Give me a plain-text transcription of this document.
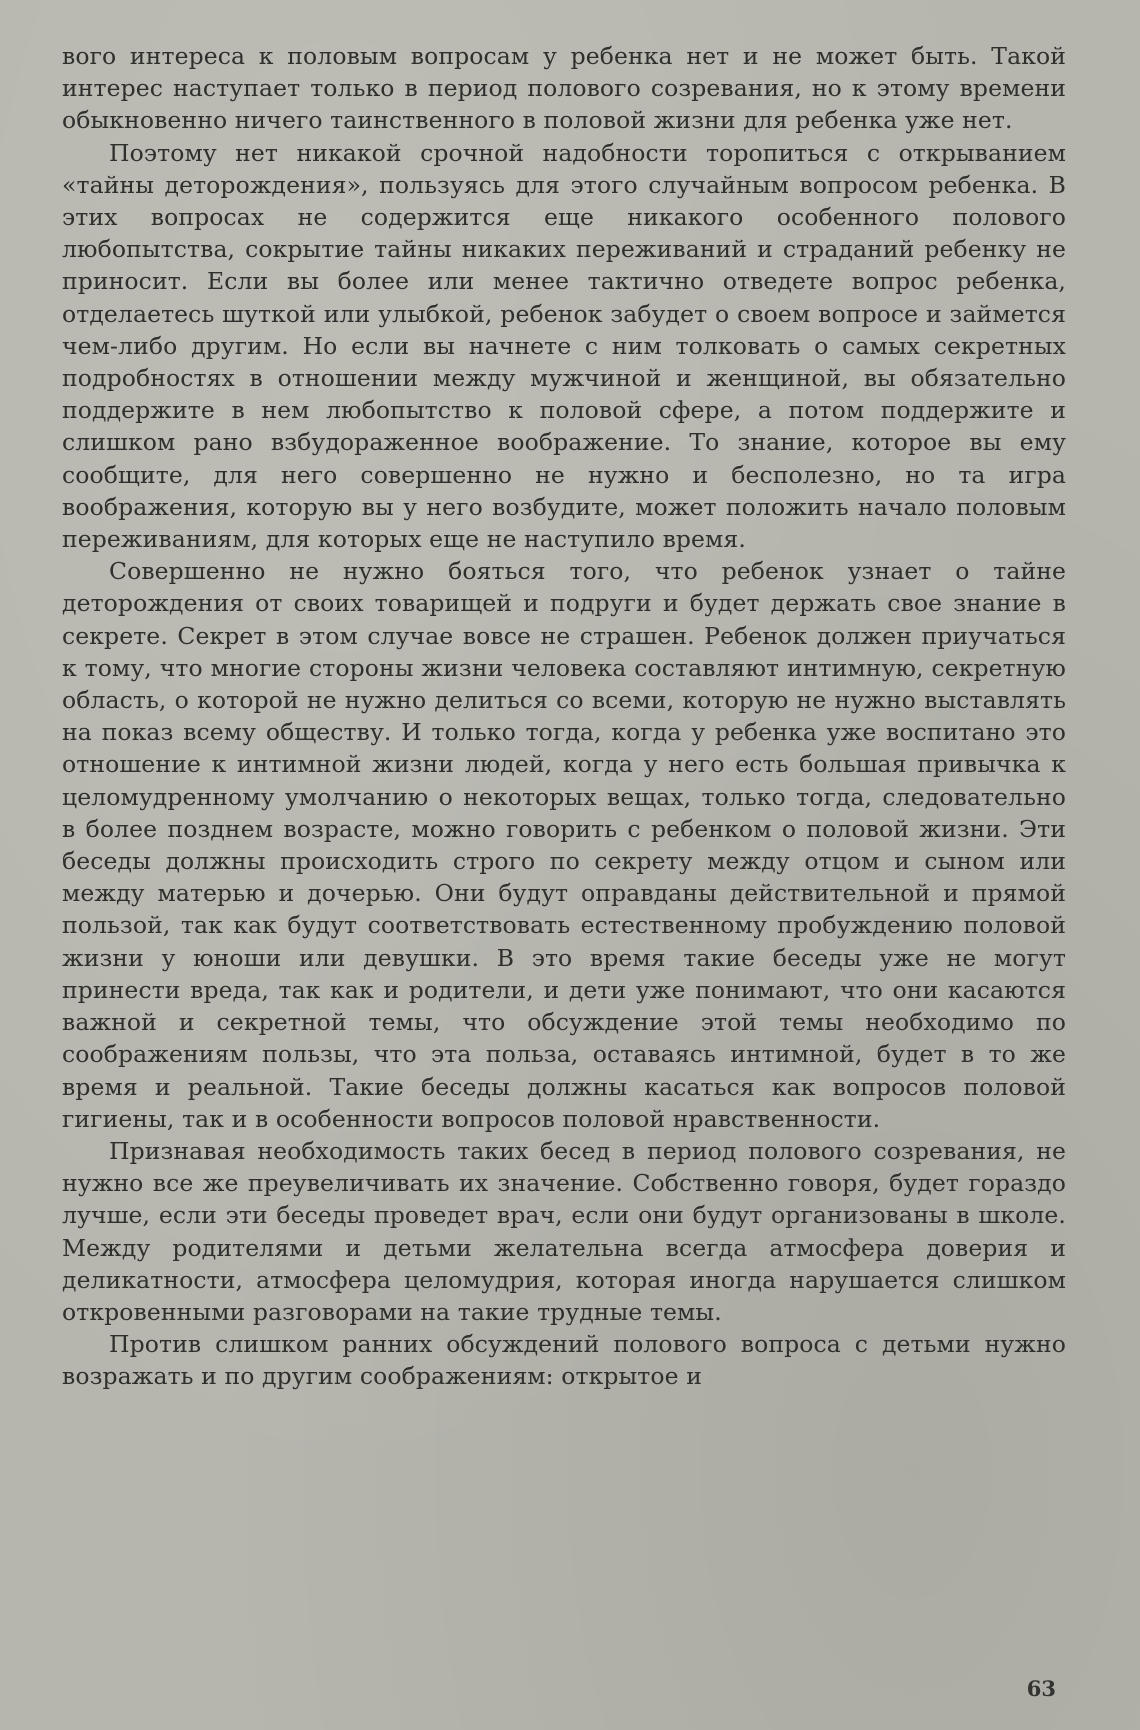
вого интереса к половым вопросам у ребенка нет и не может быть. Такой интерес наступает только в период полового созревания, но к этому времени обыкновенно ничего таинственного в половой жизни для ребенка уже нет.

Поэтому нет никакой срочной надобности торопиться с открыванием «тайны деторождения», пользуясь для этого случайным вопросом ребенка. В этих вопросах не содержится еще никакого особенного полового любопытства, сокрытие тайны никаких переживаний и страданий ребенку не приносит. Если вы более или менее тактично отведете вопрос ребенка, отделаетесь шуткой или улыбкой, ребенок забудет о своем вопросе и займется чем-либо другим. Но если вы начнете с ним толковать о самых секретных подробностях в отношении между мужчиной и женщиной, вы обязательно поддержите в нем любопытство к половой сфере, а потом поддержите и слишком рано взбудораженное воображение. То знание, которое вы ему сообщите, для него совершенно не нужно и бесполезно, но та игра воображения, которую вы у него возбудите, может положить начало половым переживаниям, для которых еще не наступило время.

Совершенно не нужно бояться того, что ребенок узнает о тайне деторождения от своих товарищей и подруги и будет держать свое знание в секрете. Секрет в этом случае вовсе не страшен. Ребенок должен приучаться к тому, что многие стороны жизни человека составляют интимную, секретную область, о которой не нужно делиться со всеми, которую не нужно выставлять на показ всему обществу. И только тогда, когда у ребенка уже воспитано это отношение к интимной жизни людей, когда у него есть большая привычка к целомудренному умолчанию о некоторых вещах, только тогда, следовательно в более позднем возрасте, можно говорить с ребенком о половой жизни. Эти беседы должны происходить строго по секрету между отцом и сыном или между матерью и дочерью. Они будут оправданы действительной и прямой пользой, так как будут соответствовать естественному пробуждению половой жизни у юноши или девушки. В это время такие беседы уже не могут принести вреда, так как и родители, и дети уже понимают, что они касаются важной и секретной темы, что обсуждение этой темы необходимо по соображениям пользы, что эта польза, оставаясь интимной, будет в то же время и реальной. Такие беседы должны касаться как вопросов половой гигиены, так и в особенности вопросов половой нравственности.

Признавая необходимость таких бесед в период полового созревания, не нужно все же преувеличивать их значение. Собственно говоря, будет гораздо лучше, если эти беседы проведет врач, если они будут организованы в школе. Между родителями и детьми желательна всегда атмосфера доверия и деликатности, атмосфера целомудрия, которая иногда нарушается слишком откровенными разговорами на такие трудные темы.

Против слишком ранних обсуждений полового вопроса с детьми нужно возражать и по другим соображениям: открытое и

63
